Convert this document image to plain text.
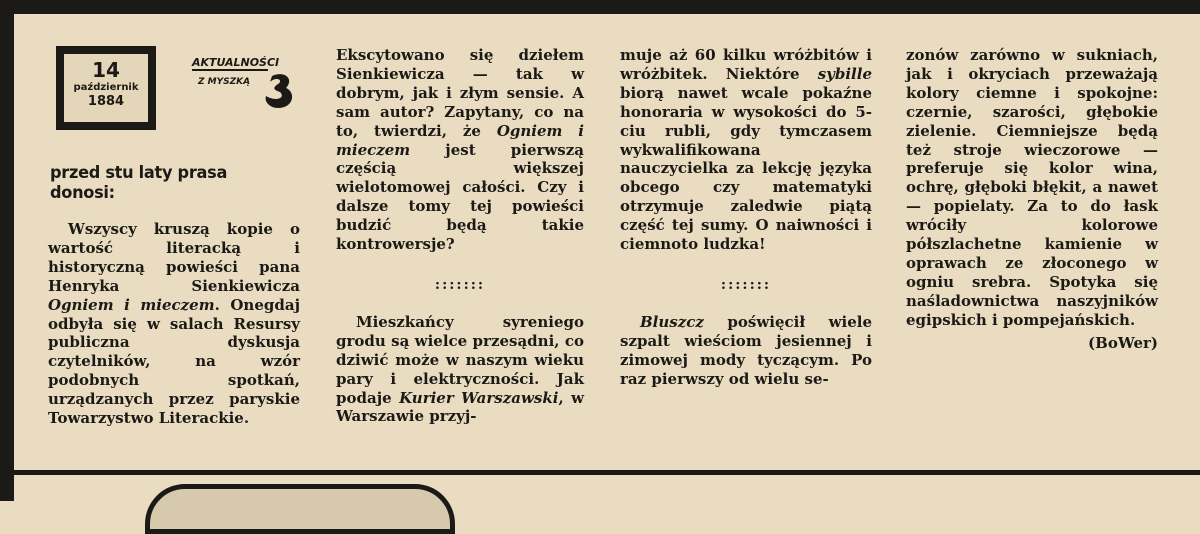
14
październik
1884
AKTUALNOŚCI
Z MYSZKĄ
przed stu laty prasa donosi:

Wszyscy kruszą kopie o wartość literacką i historyczną powieści pana Henryka Sienkiewicza Ogniem i mieczem. Onegdaj odbyła się w salach Resursy publiczna dyskusja czytelników, na wzór podobnych spotkań, urządzanych przez paryskie Towarzystwo Literackie.

Ekscytowano się dziełem Sienkiewicza — tak w dobrym, jak i złym sensie. A sam autor? Zapytany, co na to, twierdzi, że Ogniem i mieczem jest pierwszą częścią większej wielotomowej całości. Czy i dalsze tomy tej powieści budzić będą takie kontrowersje?

:::::::

Mieszkańcy syreniego grodu są wielce przesądni, co dziwić może w naszym wieku pary i elektryczności. Jak podaje Kurier Warszawski, w Warszawie przyj-

muje aż 60 kilku wróżbitów i wróżbitek. Niektóre sybille biorą nawet wcale pokaźne honoraria w wysokości do 5-ciu rubli, gdy tymczasem wykwalifikowana nauczycielka za lekcję języka obcego czy matematyki otrzymuje zaledwie piątą część tej sumy. O naiwności i ciemnoto ludzka!

:::::::

Bluszcz poświęcił wiele szpalt wieściom jesiennej i zimowej mody tyczącym. Po raz pierwszy od wielu se-

zonów zarówno w sukniach, jak i okryciach przeważają kolory ciemne i spokojne: czernie, szarości, głębokie zielenie. Ciemniejsze będą też stroje wieczorowe — preferuje się kolor wina, ochrę, głęboki błękit, a nawet — popielaty. Za to do łask wróciły kolorowe półszlachetne kamienie w oprawach ze złoconego w ogniu srebra. Spotyka się naśladownictwa naszyjników egipskich i pompejańskich.

(BoWer)
